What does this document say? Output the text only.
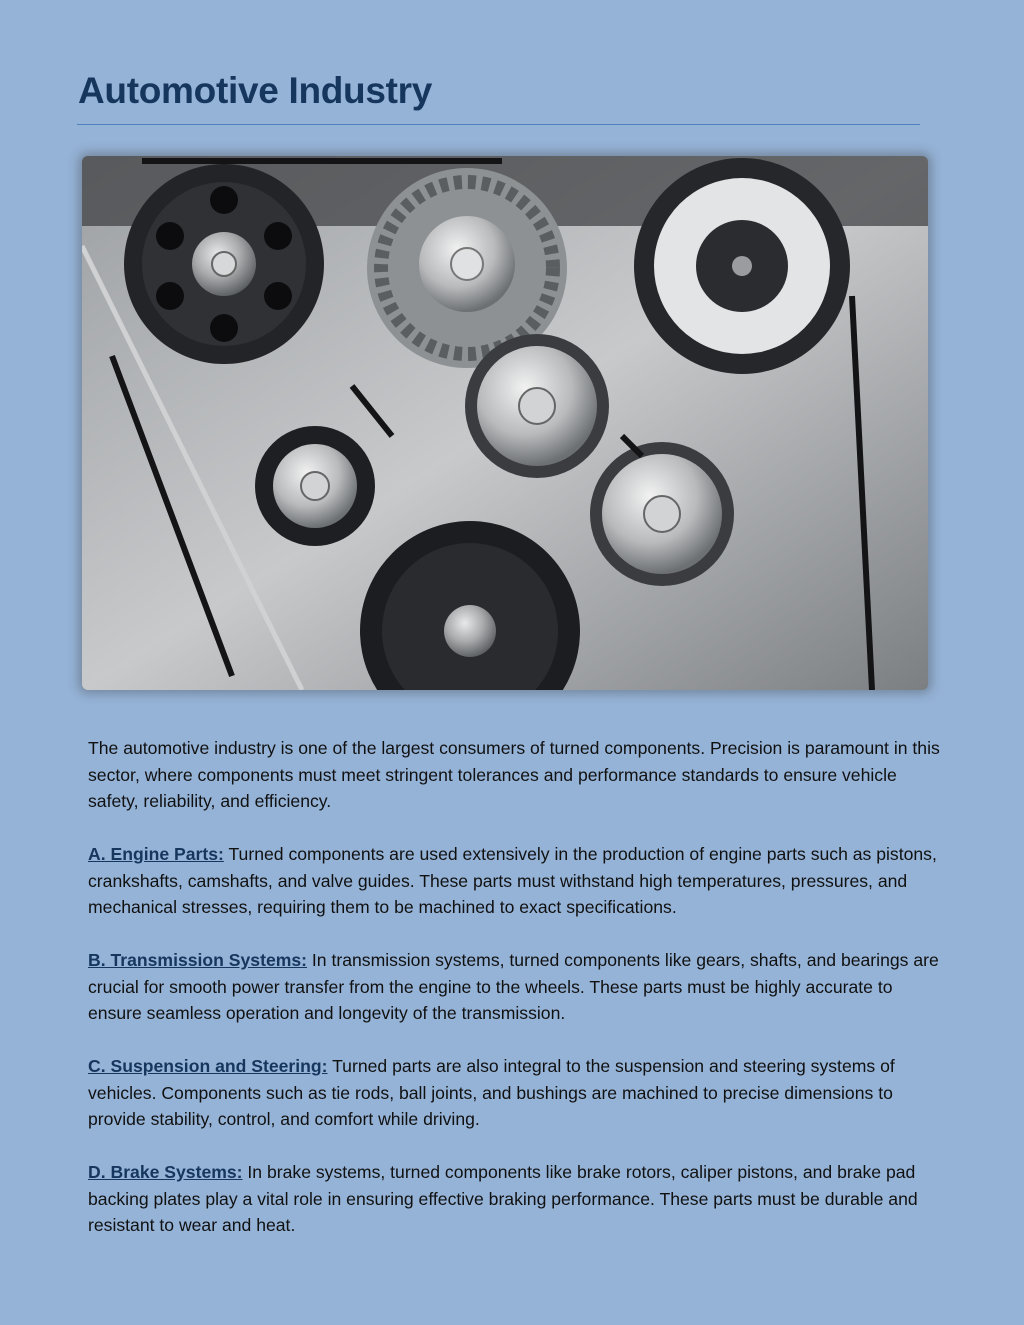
Automotive Industry

The automotive industry is one of the largest consumers of turned components. Precision is paramount in this sector, where components must meet stringent tolerances and performance standards to ensure vehicle safety, reliability, and efficiency.

A. Engine Parts: Turned components are used extensively in the production of engine parts such as pistons, crankshafts, camshafts, and valve guides. These parts must withstand high temperatures, pressures, and mechanical stresses, requiring them to be machined to exact specifications.

B. Transmission Systems: In transmission systems, turned components like gears, shafts, and bearings are crucial for smooth power transfer from the engine to the wheels. These parts must be highly accurate to ensure seamless operation and longevity of the transmission.

C. Suspension and Steering: Turned parts are also integral to the suspension and steering systems of vehicles. Components such as tie rods, ball joints, and bushings are machined to precise dimensions to provide stability, control, and comfort while driving.

D. Brake Systems: In brake systems, turned components like brake rotors, caliper pistons, and brake pad backing plates play a vital role in ensuring effective braking performance. These parts must be durable and resistant to wear and heat.
